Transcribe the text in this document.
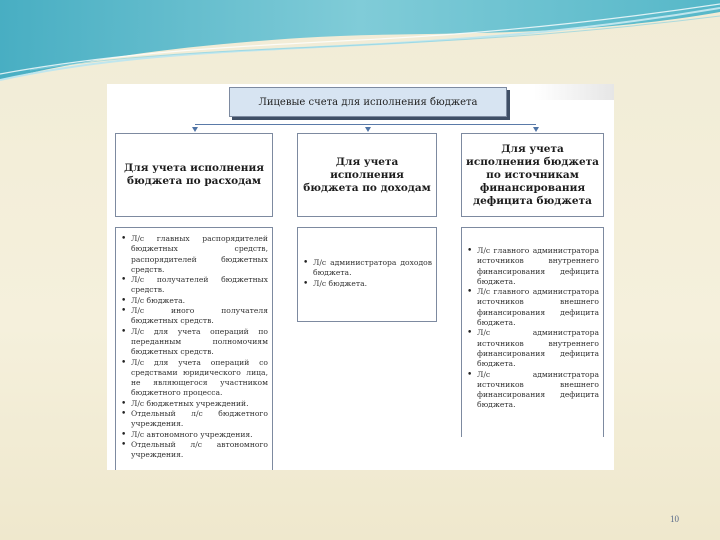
Лицевые счета для исполнения бюджета
Для учета исполнения бюджета по расходам
Для учета исполнения бюджета по доходам
Для учета исполнения бюджета по источникам финансирования дефицита бюджета
• Л/с главных распорядителей бюджетных средств, распорядителей бюджетных средств.
• Л/с получателей бюджетных средств.
• Л/с бюджета.
• Л/с иного получателя бюджетных средств.
• Л/с для учета операций по переданным полномочиям бюджетных средств.
• Л/с для учета операций со средствами юридического лица, не являющегося участником бюджетного процесса.
• Л/с бюджетных учреждений.
• Отдельный л/с бюджетного учреждения.
• Л/с автономного учреждения.
• Отдельный л/с автономного учреждения.
• Л/с администратора доходов бюджета.
• Л/с бюджета.
• Л/с главного администратора источников внутреннего финансирования дефицита бюджета.
• Л/с главного администратора источников внешнего финансирования дефицита бюджета.
• Л/с администратора источников внутреннего финансирования дефицита бюджета.
• Л/с администратора источников внешнего финансирования дефицита бюджета.
10
